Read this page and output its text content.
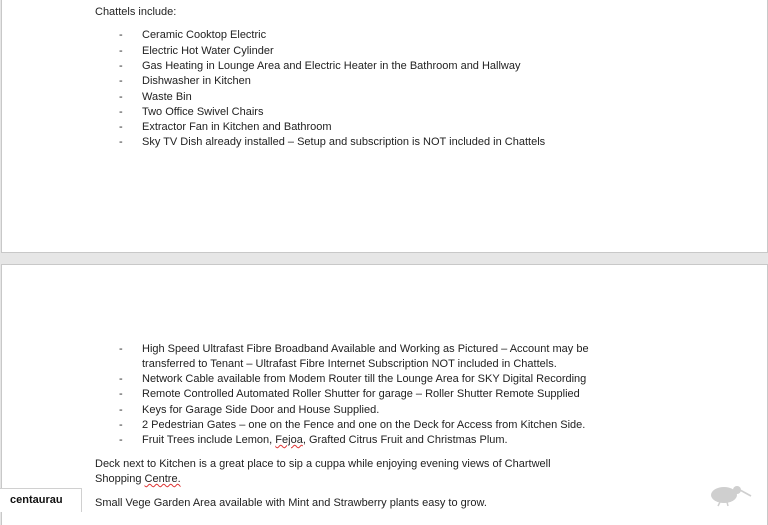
Chattels include:
- Ceramic Cooktop Electric
- Electric Hot Water Cylinder
- Gas Heating in Lounge Area and Electric Heater in the Bathroom and Hallway
- Dishwasher in Kitchen
- Waste Bin
- Two Office Swivel Chairs
- Extractor Fan in Kitchen and Bathroom
- Sky TV Dish already installed – Setup and subscription is NOT included in Chattels
- High Speed Ultrafast Fibre Broadband Available and Working as Pictured – Account may be
transferred to Tenant – Ultrafast Fibre Internet Subscription NOT included in Chattels.
- Network Cable available from Modem Router till the Lounge Area for SKY Digital Recording
- Remote Controlled Automated Roller Shutter for garage – Roller Shutter Remote Supplied
- Keys for Garage Side Door and House Supplied.
- 2 Pedestrian Gates – one on the Fence and one on the Deck for Access from Kitchen Side.
- Fruit Trees include Lemon, Fejoa, Grafted Citrus Fruit and Christmas Plum.
Deck next to Kitchen is a great place to sip a cuppa while enjoying evening views of Chartwell
Shopping Centre.
Small Vege Garden Area available with Mint and Strawberry plants easy to grow.
centaurau
